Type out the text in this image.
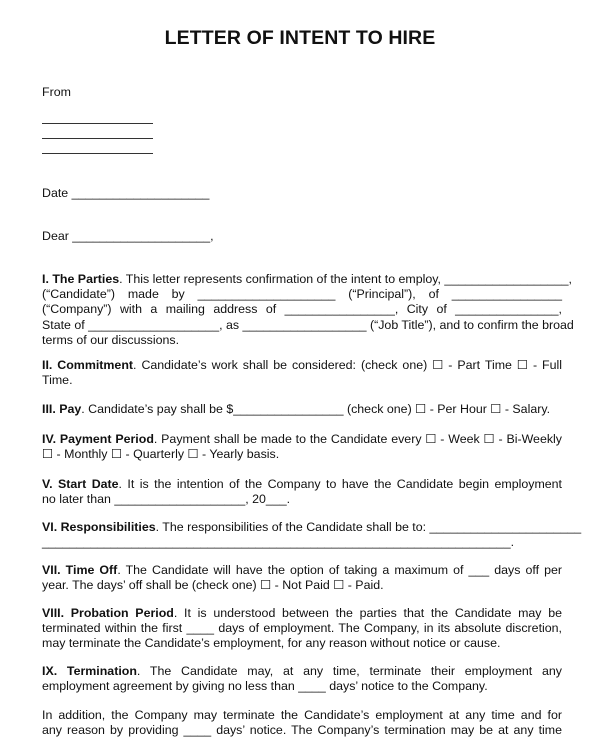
LETTER OF INTENT TO HIRE
From
Date ____________________
Dear ____________________,
I. The Parties. This letter represents confirmation of the intent to employ, __________________,
(“Candidate”) made by ____________________ (“Principal”), of ________________
(“Company”) with a mailing address of ________________, City of _______________,
State of ___________________, as __________________ (“Job Title”), and to confirm the broad
terms of our discussions.
II. Commitment. Candidate’s work shall be considered: (check one) ☐ - Part Time ☐ - Full
Time.
III. Pay. Candidate’s pay shall be $________________ (check one) ☐ - Per Hour ☐ - Salary.
IV. Payment Period. Payment shall be made to the Candidate every ☐ - Week ☐ - Bi-Weekly
☐ - Monthly ☐ - Quarterly ☐ - Yearly basis.
V. Start Date. It is the intention of the Company to have the Candidate begin employment
no later than ___________________, 20___.
VI. Responsibilities. The responsibilities of the Candidate shall be to: ______________________
____________________________________________________________________.
VII. Time Off. The Candidate will have the option of taking a maximum of ___ days off per
year. The days’ off shall be (check one) ☐ - Not Paid ☐ - Paid.
VIII. Probation Period. It is understood between the parties that the Candidate may be
terminated within the first ____ days of employment. The Company, in its absolute discretion,
may terminate the Candidate’s employment, for any reason without notice or cause.
IX. Termination. The Candidate may, at any time, terminate their employment any
employment agreement by giving no less than ____ days’ notice to the Company.
In addition, the Company may terminate the Candidate’s employment at any time and for
any reason by providing ____ days’ notice. The Company’s termination may be at any time
